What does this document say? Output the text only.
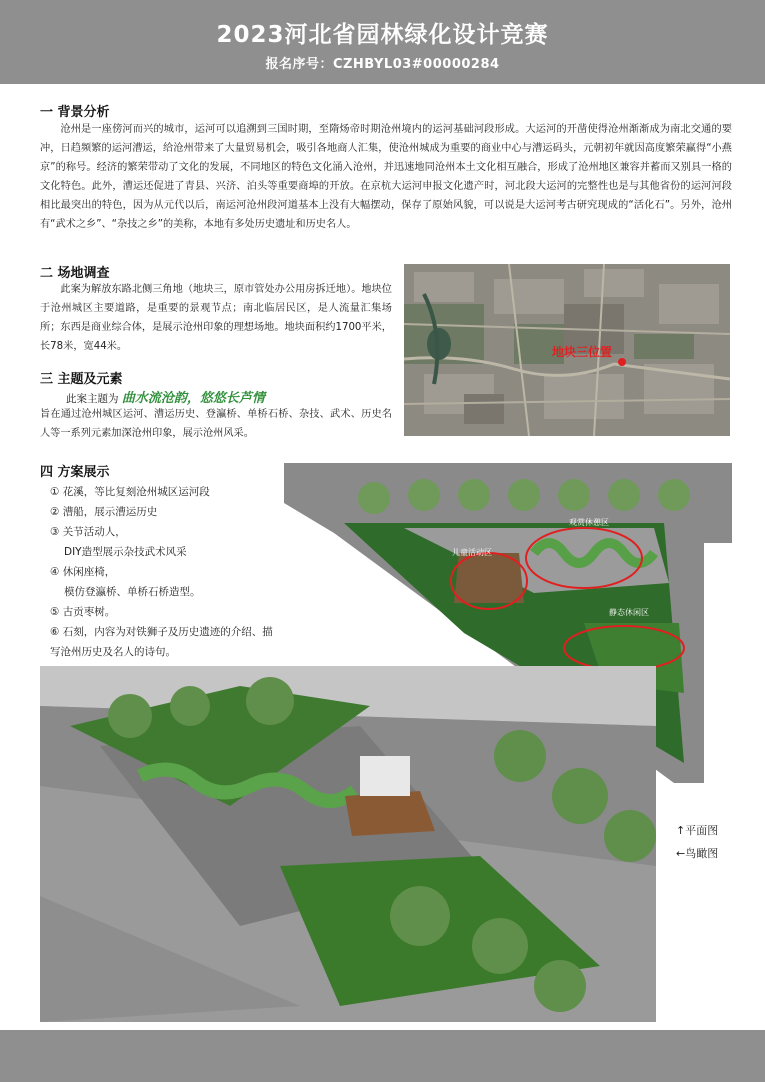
2023河北省园林绿化设计竞赛
报名序号：CZHBYL03#00000284
一 背景分析

沧州是一座傍河而兴的城市，运河可以追溯到三国时期，至隋炀帝时期沧州境内的运河基础河段形成。大运河的开凿使得沧州渐渐成为南北交通的要冲，日趋频繁的运河漕运，给沧州带来了大量贸易机会，吸引各地商人汇集，使沧州城成为重要的商业中心与漕运码头，元朝初年就因高度繁荣赢得“小燕京”的称号。经济的繁荣带动了文化的发展，不同地区的特色文化涌入沧州，并迅速地同沧州本土文化相互融合，形成了沧州地区兼容并蓄而又别具一格的文化特色。此外，漕运还促进了青县、兴济、泊头等重要商埠的开放。在京杭大运河申报文化遗产时，河北段大运河的完整性也是与其他省份的运河河段相比最突出的特色，因为从元代以后，南运河沧州段河道基本上没有大幅摆动，保存了原始风貌，可以说是大运河考古研究现成的“活化石”。另外，沧州有“武术之乡”、“杂技之乡”的美称，本地有多处历史遗址和历史名人。

二 场地调查

此案为解放东路北侧三角地（地块三，原市管处办公用房拆迁地）。地块位于沧州城区主要道路，是重要的景观节点；南北临居民区，是人流量汇集场所；东西是商业综合体，是展示沧州印象的理想场地。地块面积约1700平米，长78米，宽44米。	地块三位置
三 主题及元素
此案主题为 曲水流沧韵，悠悠长芦情

旨在通过沧州城区运河、漕运历史、登瀛桥、单桥石桥、杂技、武术、历史名人等一系列元素加深沧州印象，展示沧州风采。

四 方案展示
① 花溪，等比复刻沧州城区运河段
② 漕船，展示漕运历史
③ 关节活动人，
DIY造型展示杂技武术风采
④ 休闲座椅，
模仿登瀛桥、单桥石桥造型。
⑤ 古贡枣树。
⑥ 石刻，内容为对铁狮子及历史遗迹的介绍、描
写沧州历史及名人的诗句。
观赏休憩区
儿童活动区
静态休闲区
↑平面图
←鸟瞰图
